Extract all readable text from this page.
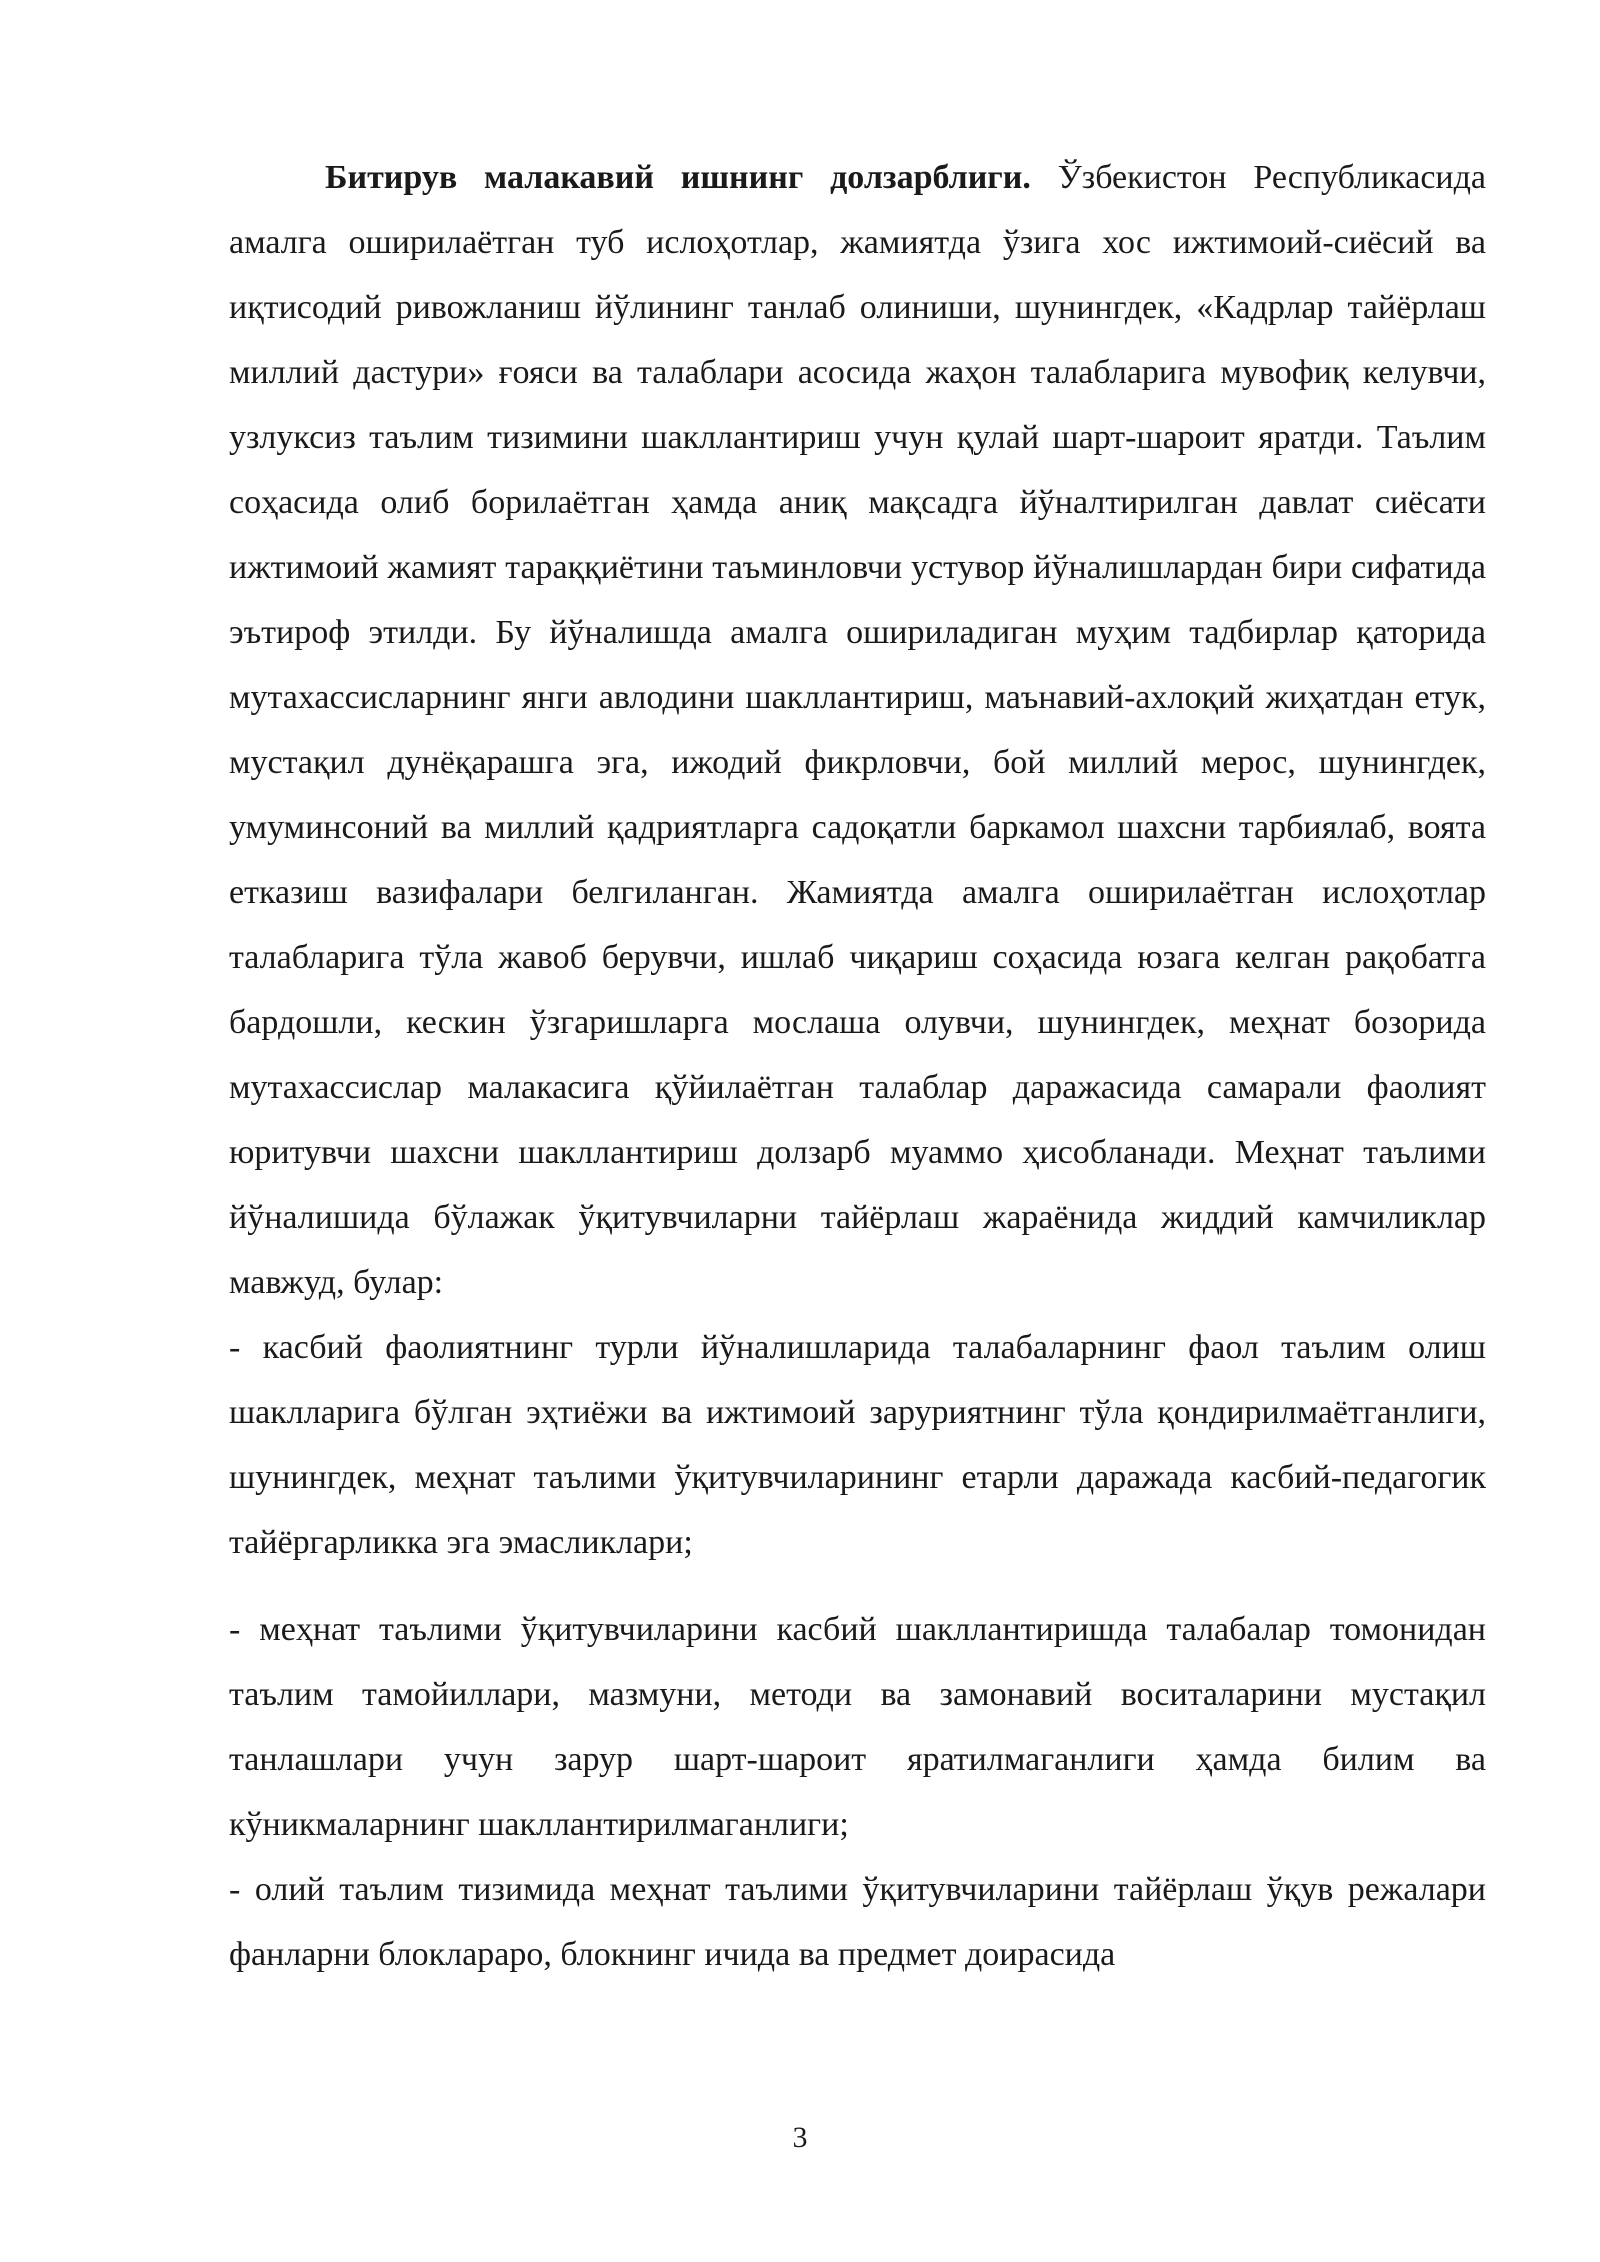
Битирув малакавий ишнинг долзарблиги. Ўзбекистон Республикасида амалга оширилаётган туб ислоҳотлар, жамиятда ўзига хос ижтимоий-сиёсий ва иқтисодий ривожланиш йўлининг танлаб олиниши, шунингдек, «Кадрлар тайёрлаш миллий дастури» ғояси ва талаблари асосида жаҳон талабларига мувофиқ келувчи, узлуксиз таълим тизимини шакллантириш учун қулай шарт-шароит яратди. Таълим соҳасида олиб борилаётган ҳамда аниқ мақсадга йўналтирилган давлат сиёсати ижтимоий жамият тараққиётини таъминловчи устувор йўналишлардан бири сифатида эътироф этилди. Бу йўналишда амалга ошириладиган муҳим тадбирлар қаторида мутахассисларнинг янги авлодини шакллантириш, маънавий-ахлоқий жиҳатдан етук, мустақил дунёқарашга эга, ижодий фикрловчи, бой миллий мерос, шунингдек, умуминсоний ва миллий қадриятларга садоқатли баркамол шахсни тарбиялаб, воята етказиш вазифалари белгиланган. Жамиятда амалга оширилаётган ислоҳотлар талабларига тўла жавоб берувчи, ишлаб чиқариш соҳасида юзага келган рақобатга бардошли, кескин ўзгаришларга мослаша олувчи, шунингдек, меҳнат бозорида мутахассислар малакасига қўйилаётган талаблар даражасида самарали фаолият юритувчи шахсни шакллантириш долзарб муаммо ҳисобланади. Меҳнат таълими йўналишида бўлажак ўқитувчиларни тайёрлаш жараёнида жиддий камчиликлар мавжуд, булар:

- касбий фаолиятнинг турли йўналишларида талабаларнинг фаол таълим олиш шаклларига бўлган эҳтиёжи ва ижтимоий заруриятнинг тўла қондирилмаётганлиги, шунингдек, меҳнат таълими ўқитувчиларининг етарли даражада касбий-педагогик тайёргарликка эга эмасликлари;

- меҳнат таълими ўқитувчиларини касбий шакллантиришда талабалар томонидан таълим тамойиллари, мазмуни, методи ва замонавий воситаларини мустақил танлашлари учун зарур шарт-шароит яратилмаганлиги ҳамда билим ва кўникмаларнинг шакллантирилмаганлиги;

- олий таълим тизимида меҳнат таълими ўқитувчиларини тайёрлаш ўқув режалари фанларни блоклараро, блокнинг ичида ва предмет доирасида

3
